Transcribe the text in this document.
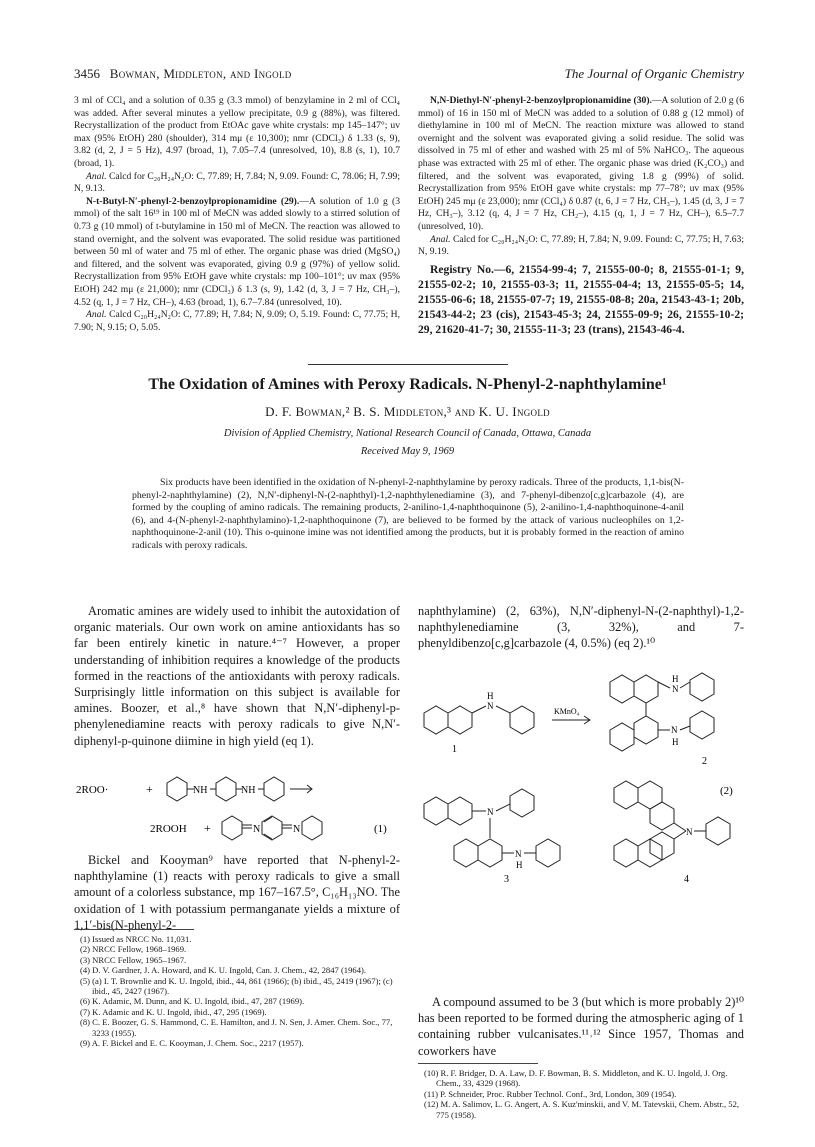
3456 Bowman, Middleton, and Ingold	The Journal of Organic Chemistry

3 ml of CCl₄ and a solution of 0.35 g (3.3 mmol) of benzylamine in 2 ml of CCl₄ was added. After several minutes a yellow precipitate, 0.9 g (88%), was filtered. Recrystallization of the product from EtOAc gave white crystals: mp 145–147°; uv max (95% EtOH) 280 (shoulder), 314 mμ (ε 10,300); nmr (CDCl₃) δ 1.33 (s, 9), 3.82 (d, 2, J = 5 Hz), 4.97 (broad, 1), 7.05–7.4 (unresolved, 10), 8.8 (s, 1), 10.7 (broad, 1).

Anal. Calcd for C₂₀H₂₄N₂O: C, 77.89; H, 7.84; N, 9.09. Found: C, 78.06; H, 7.99; N, 9.13.

N-t-Butyl-N′-phenyl-2-benzoylpropionamidine (29).—A solution of 1.0 g (3 mmol) of the salt 16¹⁹ in 100 ml of MeCN was added slowly to a stirred solution of 0.73 g (10 mmol) of t-butylamine in 150 ml of MeCN. The reaction was allowed to stand overnight, and the solvent was evaporated. The solid residue was partitioned between 50 ml of water and 75 ml of ether. The organic phase was dried (MgSO₄) and filtered, and the solvent was evaporated, giving 0.9 g (97%) of yellow solid. Recrystallization from 95% EtOH gave white crystals: mp 100–101°; uv max (95% EtOH) 242 mμ (ε 21,000); nmr (CDCl₃) δ 1.3 (s, 9), 1.42 (d, 3, J = 7 Hz, CH₃–), 4.52 (q, 1, J = 7 Hz, CH–), 4.63 (broad, 1), 6.7–7.84 (unresolved, 10).

Anal. Calcd C₂₀H₂₄N₂O: C, 77.89; H, 7.84; N, 9.09; O, 5.19. Found: C, 77.75; H, 7.90; N, 9.15; O, 5.05.

N,N-Diethyl-N′-phenyl-2-benzoylpropionamidine (30).—A solution of 2.0 g (6 mmol) of 16 in 150 ml of MeCN was added to a solution of 0.88 g (12 mmol) of diethylamine in 100 ml of MeCN. The reaction mixture was allowed to stand overnight and the solvent was evaporated giving a solid residue. The solid was dissolved in 75 ml of ether and washed with 25 ml of 5% NaHCO₃. The aqueous phase was extracted with 25 ml of ether. The organic phase was dried (K₂CO₃) and filtered, and the solvent was evaporated, giving 1.8 g (99%) of solid. Recrystallization from 95% EtOH gave white crystals: mp 77–78°; uv max (95% EtOH) 245 mμ (ε 23,000); nmr (CCl₄) δ 0.87 (t, 6, J = 7 Hz, CH₃–), 1.45 (d, 3, J = 7 Hz, CH₃–), 3.12 (q, 4, J = 7 Hz, CH₂–), 4.15 (q, 1, J = 7 Hz, CH–), 6.5–7.7 (unresolved, 10).

Anal. Calcd for C₂₀H₂₄N₂O: C, 77.89; H, 7.84; N, 9.09. Found: C, 77.75; H, 7.63; N, 9.19.

Registry No.—6, 21554-99-4; 7, 21555-00-0; 8, 21555-01-1; 9, 21555-02-2; 10, 21555-03-3; 11, 21555-04-4; 13, 21555-05-5; 14, 21555-06-6; 18, 21555-07-7; 19, 21555-08-8; 20a, 21543-43-1; 20b, 21543-44-2; 23 (cis), 21543-45-3; 24, 21555-09-9; 26, 21555-10-2; 29, 21620-41-7; 30, 21555-11-3; 23 (trans), 21543-46-4.

The Oxidation of Amines with Peroxy Radicals. N-Phenyl-2-naphthylamine¹
D. F. Bowman,² B. S. Middleton,³ and K. U. Ingold
Division of Applied Chemistry, National Research Council of Canada, Ottawa, Canada
Received May 9, 1969

Six products have been identified in the oxidation of N-phenyl-2-naphthylamine by peroxy radicals. Three of the products, 1,1-bis(N-phenyl-2-naphthylamine) (2), N,N′-diphenyl-N-(2-naphthyl)-1,2-naphthylenediamine (3), and 7-phenyl-dibenzo[c,g]carbazole (4), are formed by the coupling of amino radicals. The remaining products, 2-anilino-1,4-naphthoquinone (5), 2-anilino-1,4-naphthoquinone-4-anil (6), and 4-(N-phenyl-2-naphthylamino)-1,2-naphthoquinone (7), are believed to be formed by the attack of various nucleophiles on 1,2-naphthoquinone-2-anil (10). This o-quinone imine was not identified among the products, but it is probably formed in the reaction of amino radicals with peroxy radicals.

Aromatic amines are widely used to inhibit the autoxidation of organic materials. Our own work on amine antioxidants has so far been entirely kinetic in nature.⁴⁻⁷ However, a proper understanding of inhibition requires a knowledge of the products formed in the reactions of the antioxidants with peroxy radicals. Surprisingly little information on this subject is available for amines. Boozer, et al.,⁸ have shown that N,N′-diphenyl-p-phenylenediamine reacts with peroxy radicals to give N,N′-diphenyl-p-quinone diimine in high yield (eq 1).

2ROO·	+	NH	NH
2ROOH +	N	N	(1)

Bickel and Kooyman⁹ have reported that N-phenyl-2-naphthylamine (1) reacts with peroxy radicals to give a small amount of a colorless substance, mp 167–167.5°, C₁₆H₁₃NO. The oxidation of 1 with potassium permanganate yields a mixture of 1,1′-bis(N-phenyl-2-

(1) Issued as NRCC No. 11,031.

(2) NRCC Fellow, 1968–1969.

(3) NRCC Fellow, 1965–1967.

(4) D. V. Gardner, J. A. Howard, and K. U. Ingold, Can. J. Chem., 42, 2847 (1964).

(5) (a) I. T. Brownlie and K. U. Ingold, ibid., 44, 861 (1966); (b) ibid., 45, 2419 (1967); (c) ibid., 45, 2427 (1967).

(6) K. Adamic, M. Dunn, and K. U. Ingold, ibid., 47, 287 (1969).

(7) K. Adamic and K. U. Ingold, ibid., 47, 295 (1969).

(8) C. E. Boozer, G. S. Hammond, C. E. Hamilton, and J. N. Sen, J. Amer. Chem. Soc., 77, 3233 (1955).

(9) A. F. Bickel and E. C. Kooyman, J. Chem. Soc., 2217 (1957).

naphthylamine) (2, 63%), N,N′-diphenyl-N-(2-naphthyl)-1,2-naphthylenediamine (3, 32%), and 7-phenyldibenzo[c,g]carbazole (4, 0.5%) (eq 2).¹⁰

N
H
KMnO₄
1
H
N
N
H
2
(2)
N
N
H
3
N
4

A compound assumed to be 3 (but which is more probably 2)¹⁰ has been reported to be formed during the atmospheric aging of 1 containing rubber vulcanisates.¹¹˒¹² Since 1957, Thomas and coworkers have

(10) R. F. Bridger, D. A. Law, D. F. Bowman, B. S. Middleton, and K. U. Ingold, J. Org. Chem., 33, 4329 (1968).

(11) P. Schneider, Proc. Rubber Technol. Conf., 3rd, London, 309 (1954).

(12) M. A. Salimov, L. G. Angert, A. S. Kuz'minskii, and V. M. Tatevskii, Chem. Abstr., 52, 775 (1958).
